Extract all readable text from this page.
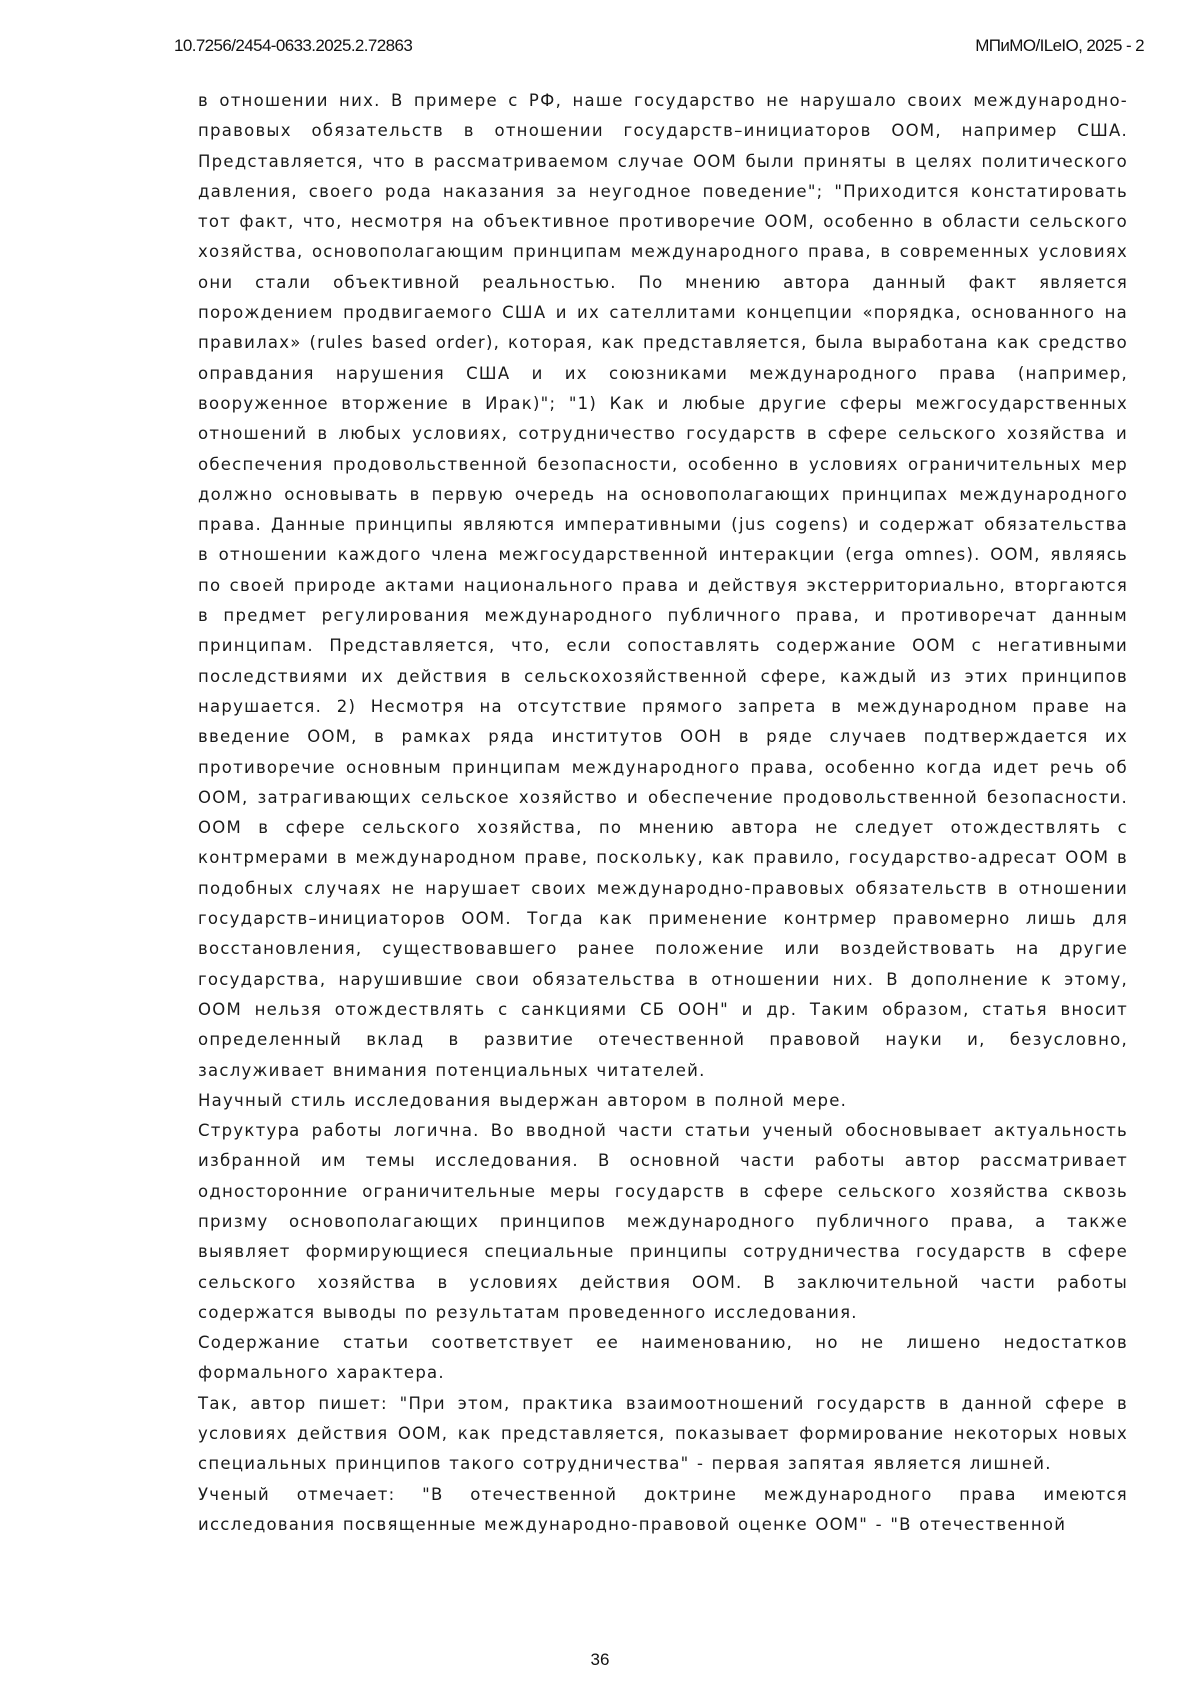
10.7256/2454-0633.2025.2.72863	МПиМО/ILeIO, 2025 - 2

в отношении них. В примере с РФ, наше государство не нарушало своих международно-правовых обязательств в отношении государств–инициаторов ООМ, например США. Представляется, что в рассматриваемом случае ООМ были приняты в целях политического давления, своего рода наказания за неугодное поведение"; "Приходится констатировать тот факт, что, несмотря на объективное противоречие ООМ, особенно в области сельского хозяйства, основополагающим принципам международного права, в современных условиях они стали объективной реальностью. По мнению автора данный факт является порождением продвигаемого США и их сателлитами концепции «порядка, основанного на правилах» (rules based order), которая, как представляется, была выработана как средство оправдания нарушения США и их союзниками международного права (например, вооруженное вторжение в Ирак)"; "1) Как и любые другие сферы межгосударственных отношений в любых условиях, сотрудничество государств в сфере сельского хозяйства и обеспечения продовольственной безопасности, особенно в условиях ограничительных мер должно основывать в первую очередь на основополагающих принципах международного права. Данные принципы являются императивными (jus cogens) и содержат обязательства в отношении каждого члена межгосударственной интеракции (erga omnes). ООМ, являясь по своей природе актами национального права и действуя экстерриториально, вторгаются в предмет регулирования международного публичного права, и противоречат данным принципам. Представляется, что, если сопоставлять содержание ООМ с негативными последствиями их действия в сельскохозяйственной сфере, каждый из этих принципов нарушается. 2) Несмотря на отсутствие прямого запрета в международном праве на введение ООМ, в рамках ряда институтов ООН в ряде случаев подтверждается их противоречие основным принципам международного права, особенно когда идет речь об ООМ, затрагивающих сельское хозяйство и обеспечение продовольственной безопасности. ООМ в сфере сельского хозяйства, по мнению автора не следует отождествлять с контрмерами в международном праве, поскольку, как правило, государство-адресат ООМ в подобных случаях не нарушает своих международно-правовых обязательств в отношении государств–инициаторов ООМ. Тогда как применение контрмер правомерно лишь для восстановления, существовавшего ранее положение или воздействовать на другие государства, нарушившие свои обязательства в отношении них. В дополнение к этому, ООМ нельзя отождествлять с санкциями СБ ООН" и др. Таким образом, статья вносит определенный вклад в развитие отечественной правовой науки и, безусловно, заслуживает внимания потенциальных читателей.

Научный стиль исследования выдержан автором в полной мере.

Структура работы логична. Во вводной части статьи ученый обосновывает актуальность избранной им темы исследования. В основной части работы автор рассматривает односторонние ограничительные меры государств в сфере сельского хозяйства сквозь призму основополагающих принципов международного публичного права, а также выявляет формирующиеся специальные принципы сотрудничества государств в сфере сельского хозяйства в условиях действия ООМ. В заключительной части работы содержатся выводы по результатам проведенного исследования.

Содержание статьи соответствует ее наименованию, но не лишено недостатков формального характера.

Так, автор пишет: "При этом, практика взаимоотношений государств в данной сфере в условиях действия ООМ, как представляется, показывает формирование некоторых новых специальных принципов такого сотрудничества" - первая запятая является лишней.

Ученый отмечает: "В отечественной доктрине международного права имеются исследования посвященные международно-правовой оценке ООМ" - "В отечественной

36
